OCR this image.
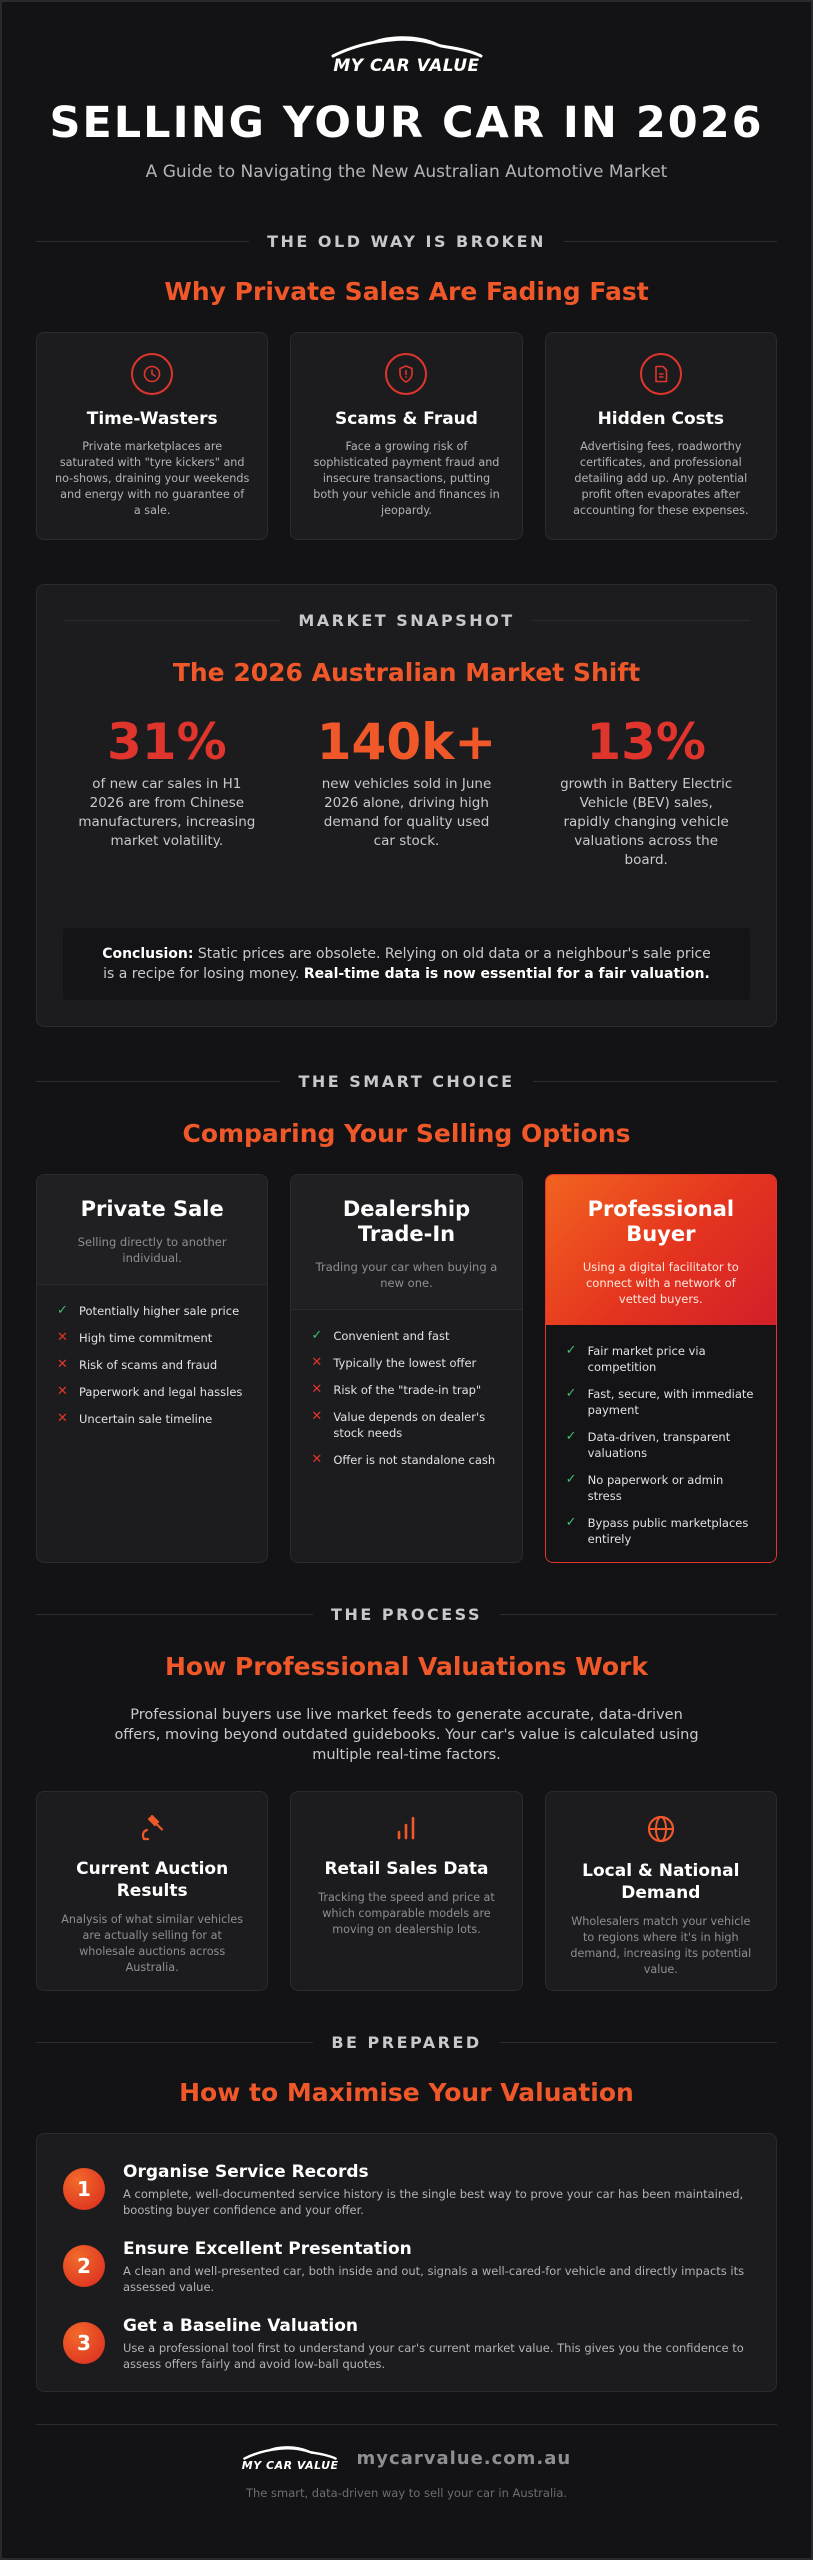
MY CAR VALUE
SELLING YOUR CAR IN 2026
A Guide to Navigating the New Australian Automotive Market
THE OLD WAY IS BROKEN
Why Private Sales Are Fading Fast
Time-Wasters

Private marketplaces are saturated with "tyre kickers" and no-shows, draining your weekends and energy with no guarantee of a sale.

Scams & Fraud

Face a growing risk of sophisticated payment fraud and insecure transactions, putting both your vehicle and finances in jeopardy.

Hidden Costs

Advertising fees, roadworthy certificates, and professional detailing add up. Any potential profit often evaporates after accounting for these expenses.

MARKET SNAPSHOT
The 2026 Australian Market Shift
31%
of new car sales in H1 2026 are from Chinese manufacturers, increasing market volatility.
140k+
new vehicles sold in June 2026 alone, driving high demand for quality used car stock.
13%
growth in Battery Electric Vehicle (BEV) sales, rapidly changing vehicle valuations across the board.
Conclusion: Static prices are obsolete. Relying on old data or a neighbour's sale price is a recipe for losing money. Real-time data is now essential for a fair valuation.
THE SMART CHOICE
Comparing Your Selling Options
Private Sale

Selling directly to another individual.

✓ Potentially higher sale price
✕ High time commitment
✕ Risk of scams and fraud
✕ Paperwork and legal hassles
✕ Uncertain sale timeline
Dealership Trade-In

Trading your car when buying a new one.

✓ Convenient and fast
✕ Typically the lowest offer
✕ Risk of the "trade-in trap"
✕ Value depends on dealer's stock needs
✕ Offer is not standalone cash
Professional Buyer

Using a digital facilitator to connect with a network of vetted buyers.

✓ Fair market price via competition
✓ Fast, secure, with immediate payment
✓ Data-driven, transparent valuations
✓ No paperwork or admin stress
✓ Bypass public marketplaces entirely
THE PROCESS
How Professional Valuations Work

Professional buyers use live market feeds to generate accurate, data-driven offers, moving beyond outdated guidebooks. Your car's value is calculated using multiple real-time factors.

Current Auction Results

Analysis of what similar vehicles are actually selling for at wholesale auctions across Australia.

Retail Sales Data

Tracking the speed and price at which comparable models are moving on dealership lots.

Local & National Demand

Wholesalers match your vehicle to regions where it's in high demand, increasing its potential value.

BE PREPARED
How to Maximise Your Valuation
1
Organise Service Records

A complete, well-documented service history is the single best way to prove your car has been maintained, boosting buyer confidence and your offer.

2
Ensure Excellent Presentation

A clean and well-presented car, both inside and out, signals a well-cared-for vehicle and directly impacts its assessed value.

3
Get a Baseline Valuation

Use a professional tool first to understand your car's current market value. This gives you the confidence to assess offers fairly and avoid low-ball quotes.

MY CAR VALUE mycarvalue.com.au
The smart, data-driven way to sell your car in Australia.
